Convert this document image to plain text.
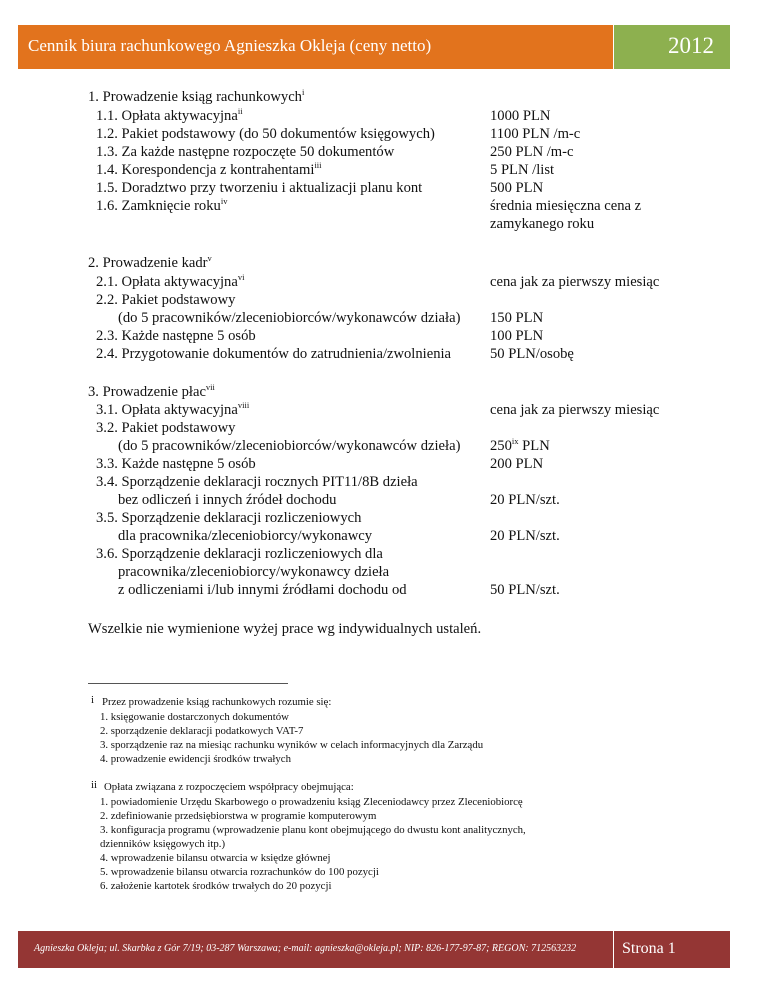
Cennik biura rachunkowego Agnieszka Okleja (ceny netto)	2012
1. Prowadzenie ksiąg rachunkowych$^i$
1.1. Opłata aktywacyjna$^{ii}$	1000 PLN
1.2. Pakiet podstawowy (do 50 dokumentów księgowych)	1100 PLN /m-c
1.3. Za każde następne rozpoczęte 50 dokumentów	250 PLN /m-c
1.4. Korespondencja z kontrahentami$^{iii}$	5 PLN /list
1.5. Doradztwo przy tworzeniu i aktualizacji planu kont	500 PLN
1.6. Zamknięcie roku$^{iv}$	średnia miesięczna cena z
zamykanego roku
2. Prowadzenie kadr$^v$
2.1. Opłata aktywacyjna$^{vi}$	cena jak za pierwszy miesiąc
2.2. Pakiet podstawowy
(do 5 pracowników/zleceniobiorców/wykonawców działa) 150 PLN
2.3. Każde następne 5 osób	100 PLN
2.4. Przygotowanie dokumentów do zatrudnienia/zwolnienia	50 PLN/osobę
3. Prowadzenie płac$^{vii}$
3.1. Opłata aktywacyjna$^{viii}$	cena jak za pierwszy miesiąc
3.2. Pakiet podstawowy
(do 5 pracowników/zleceniobiorców/wykonawców dzieła) 250$^{ix}$ PLN
3.3. Każde następne 5 osób	200 PLN
3.4. Sporządzenie deklaracji rocznych PIT11/8B dzieła
bez odliczeń i innych źródeł dochodu	20 PLN/szt.
3.5. Sporządzenie deklaracji rozliczeniowych
dla pracownika/zleceniobiorcy/wykonawcy	20 PLN/szt.
3.6. Sporządzenie deklaracji rozliczeniowych dla
pracownika/zleceniobiorcy/wykonawcy dzieła
z odliczeniami i/lub innymi źródłami dochodu od	50 PLN/szt.
Wszelkie nie wymienione wyżej prace wg indywidualnych ustaleń.
i Przez prowadzenie ksiąg rachunkowych rozumie się:
1. księgowanie dostarczonych dokumentów
2. sporządzenie deklaracji podatkowych VAT-7
3. sporządzenie raz na miesiąc rachunku wyników w celach informacyjnych dla Zarządu
4. prowadzenie ewidencji środków trwałych
ii Opłata związana z rozpoczęciem współpracy obejmująca:
1. powiadomienie Urzędu Skarbowego o prowadzeniu ksiąg Zleceniodawcy przez Zleceniobiorcę
2. zdefiniowanie przedsiębiorstwa w programie komputerowym
3. konfiguracja programu (wprowadzenie planu kont obejmującego do dwustu kont analitycznych,
dzienników księgowych itp.)
4. wprowadzenie bilansu otwarcia w księdze głównej
5. wprowadzenie bilansu otwarcia rozrachunków do 100 pozycji
6. założenie kartotek środków trwałych do 20 pozycji
Agnieszka Okleja; ul. Skarbka z Gór 7/19; 03-287 Warszawa; e-mail: agnieszka@okleja.pl; NIP: 826-177-97-87; REGON: 712563232	Strona 1
